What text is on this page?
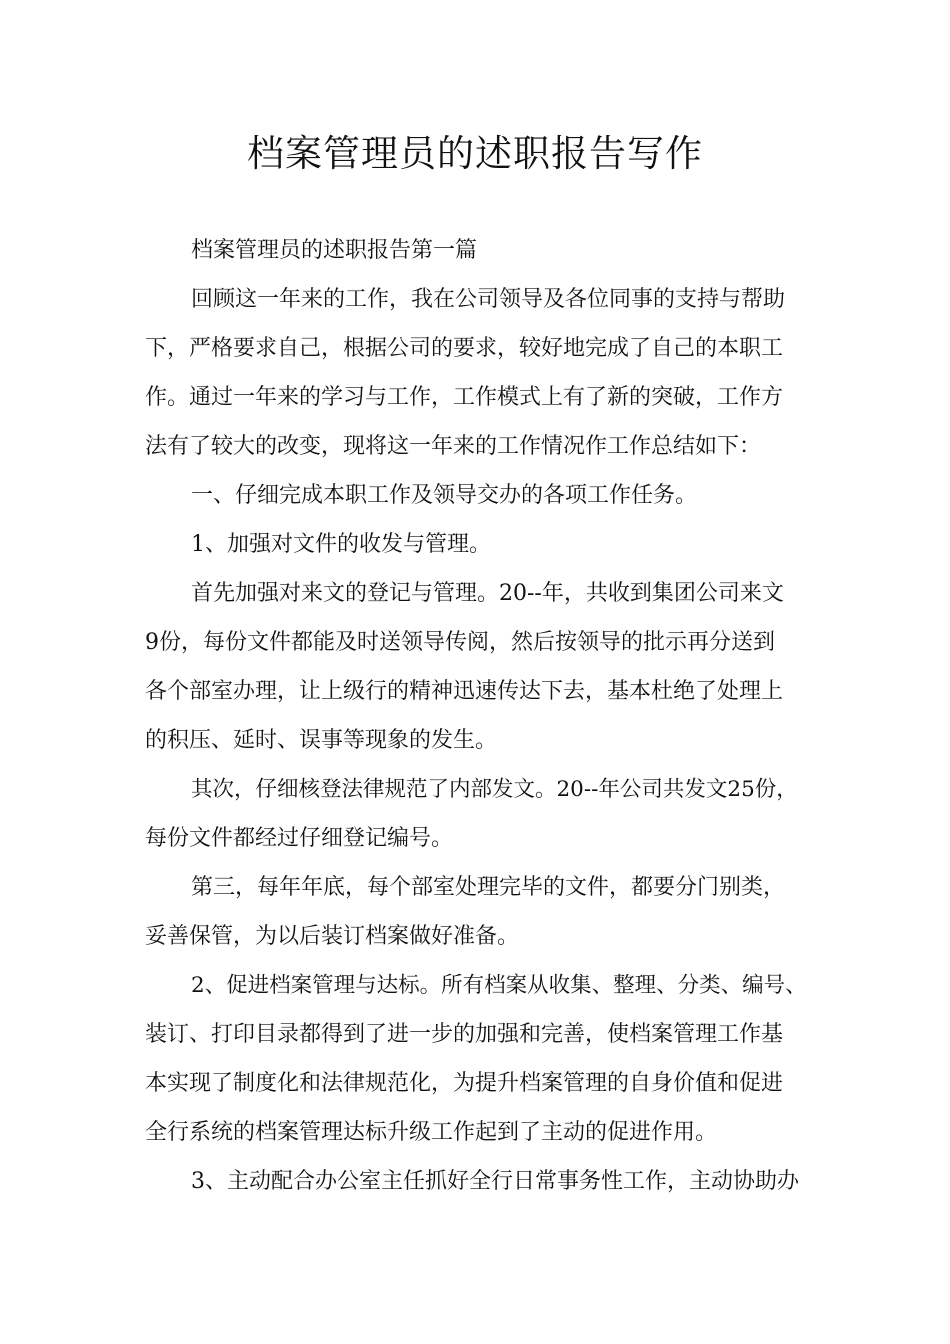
档案管理员的述职报告写作
档案管理员的述职报告第一篇
回顾这一年来的工作，我在公司领导及各位同事的支持与帮助
下，严格要求自己，根据公司的要求，较好地完成了自己的本职工
作。通过一年来的学习与工作，工作模式上有了新的突破，工作方
法有了较大的改变，现将这一年来的工作情况作工作总结如下：
一、仔细完成本职工作及领导交办的各项工作任务。
1、加强对文件的收发与管理。
首先加强对来文的登记与管理。20--年，共收到集团公司来文
9份，每份文件都能及时送领导传阅，然后按领导的批示再分送到
各个部室办理，让上级行的精神迅速传达下去，基本杜绝了处理上
的积压、延时、误事等现象的发生。
其次，仔细核登法律规范了内部发文。20--年公司共发文25份，
每份文件都经过仔细登记编号。
第三，每年年底，每个部室处理完毕的文件，都要分门别类，
妥善保管，为以后装订档案做好准备。
2、促进档案管理与达标。所有档案从收集、整理、分类、编号、
装订、打印目录都得到了进一步的加强和完善，使档案管理工作基
本实现了制度化和法律规范化，为提升档案管理的自身价值和促进
全行系统的档案管理达标升级工作起到了主动的促进作用。
3、主动配合办公室主任抓好全行日常事务性工作，主动协助办
